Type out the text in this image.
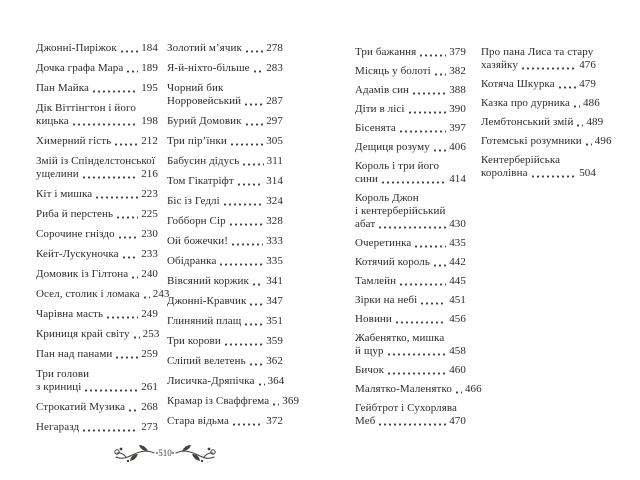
Джонні-Пиріжок 184
Дочка графа Мара 189
Пан Майка	195
Дік Віттінгтон і його
кицька	198
Химерний гість	212
Змій із Спінделстонської
ущелини	216
Кіт і мишка	223
Риба й перстень	225
Сорочине гніздо 230
Кейт-Лускуночка 233
Домовик із Гілтона 240
Осел, столик і ломака 243
Чарівна масть	249
Криниця край світу 253
Пан над панами	259
Три голови
з криниці	261
Строкатий Музика 268
Негаразд	273
Золотий м’ячик 278
Я-й-ніхто-більше 283
Чорний бик
Норровейський 287
Бурий Домовик 297
Три пір’їнки	305
Бабусин дідусь 311
Том Гікатріфт	314
Біс із Гедлі	324
Гобборн Сір	328
Ой божечки!	333
Обідранка	335
Вівсяний коржик 341
Джонні-Кравчик 347
Глиняний плащ 351
Три корови	359
Сліпий велетень 362
Лисичка-Дряпічка 364
Крамар із Сваффгема 369
Стара відьма	372
510
Три бажання	379
Місяць у болоті 382
Адамів син	388
Діти в лісі	390
Бісенята	397
Дещиця розуму 406
Король і три його
сини	414
Король Джон
і кентерберійський
абат	430
Очеретинка	435
Котячий король 442
Тамлейн	445
Зірки на небі	451
Новини	456
Жабенятко, мишка
й щур	458
Бичок	460
Малятко-Маленятко 466
Гейбтрот і Сухорлява
Меб	470
Про пана Лиса та стару
хазяйку	476
Котяча Шкурка 479
Казка про дурника 486
Лембтонський змій 489
Готемські розумники 496
Кентерберійська
королівна	504
